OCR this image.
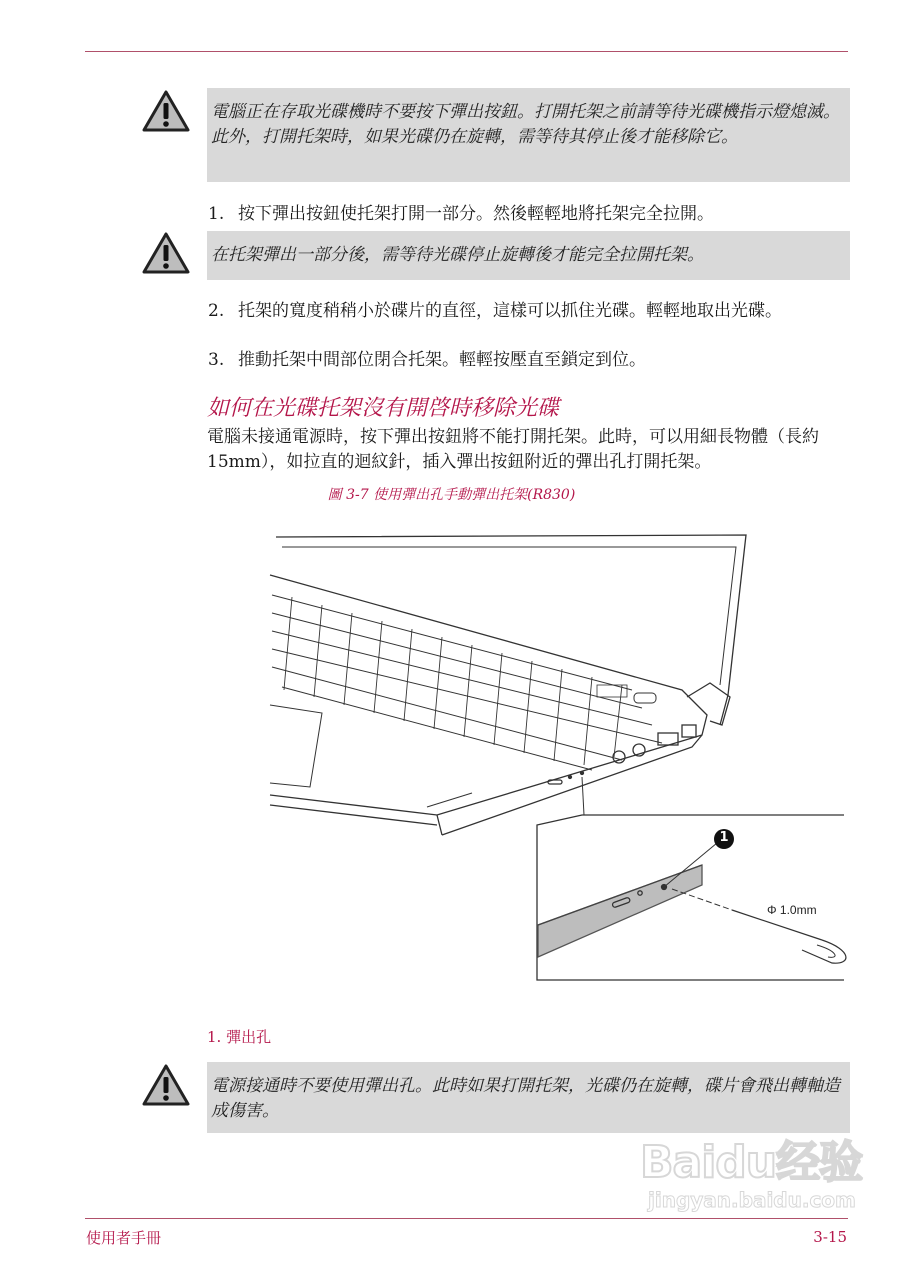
電腦正在存取光碟機時不要按下彈出按鈕。打開托架之前請等待光碟機指示燈熄滅。此外，打開托架時，如果光碟仍在旋轉，需等待其停止後才能移除它。
1. 按下彈出按鈕使托架打開一部分。然後輕輕地將托架完全拉開。
在托架彈出一部分後，需等待光碟停止旋轉後才能完全拉開托架。
2. 托架的寬度稍稍小於碟片的直徑，這樣可以抓住光碟。輕輕地取出光碟。
3. 推動托架中間部位閉合托架。輕輕按壓直至鎖定到位。
如何在光碟托架沒有開啓時移除光碟
電腦未接通電源時，按下彈出按鈕將不能打開托架。此時，可以用細長物體（長約 15mm），如拉直的迴紋針，插入彈出按鈕附近的彈出孔打開托架。
圖 3-7 使用彈出孔手動彈出托架(R830)
1
Φ 1.0mm
1. 彈出孔
電源接通時不要使用彈出孔。此時如果打開托架，光碟仍在旋轉，碟片會飛出轉軸造成傷害。
Baidu经验
jingyan.baidu.com
使用者手冊	3-15
